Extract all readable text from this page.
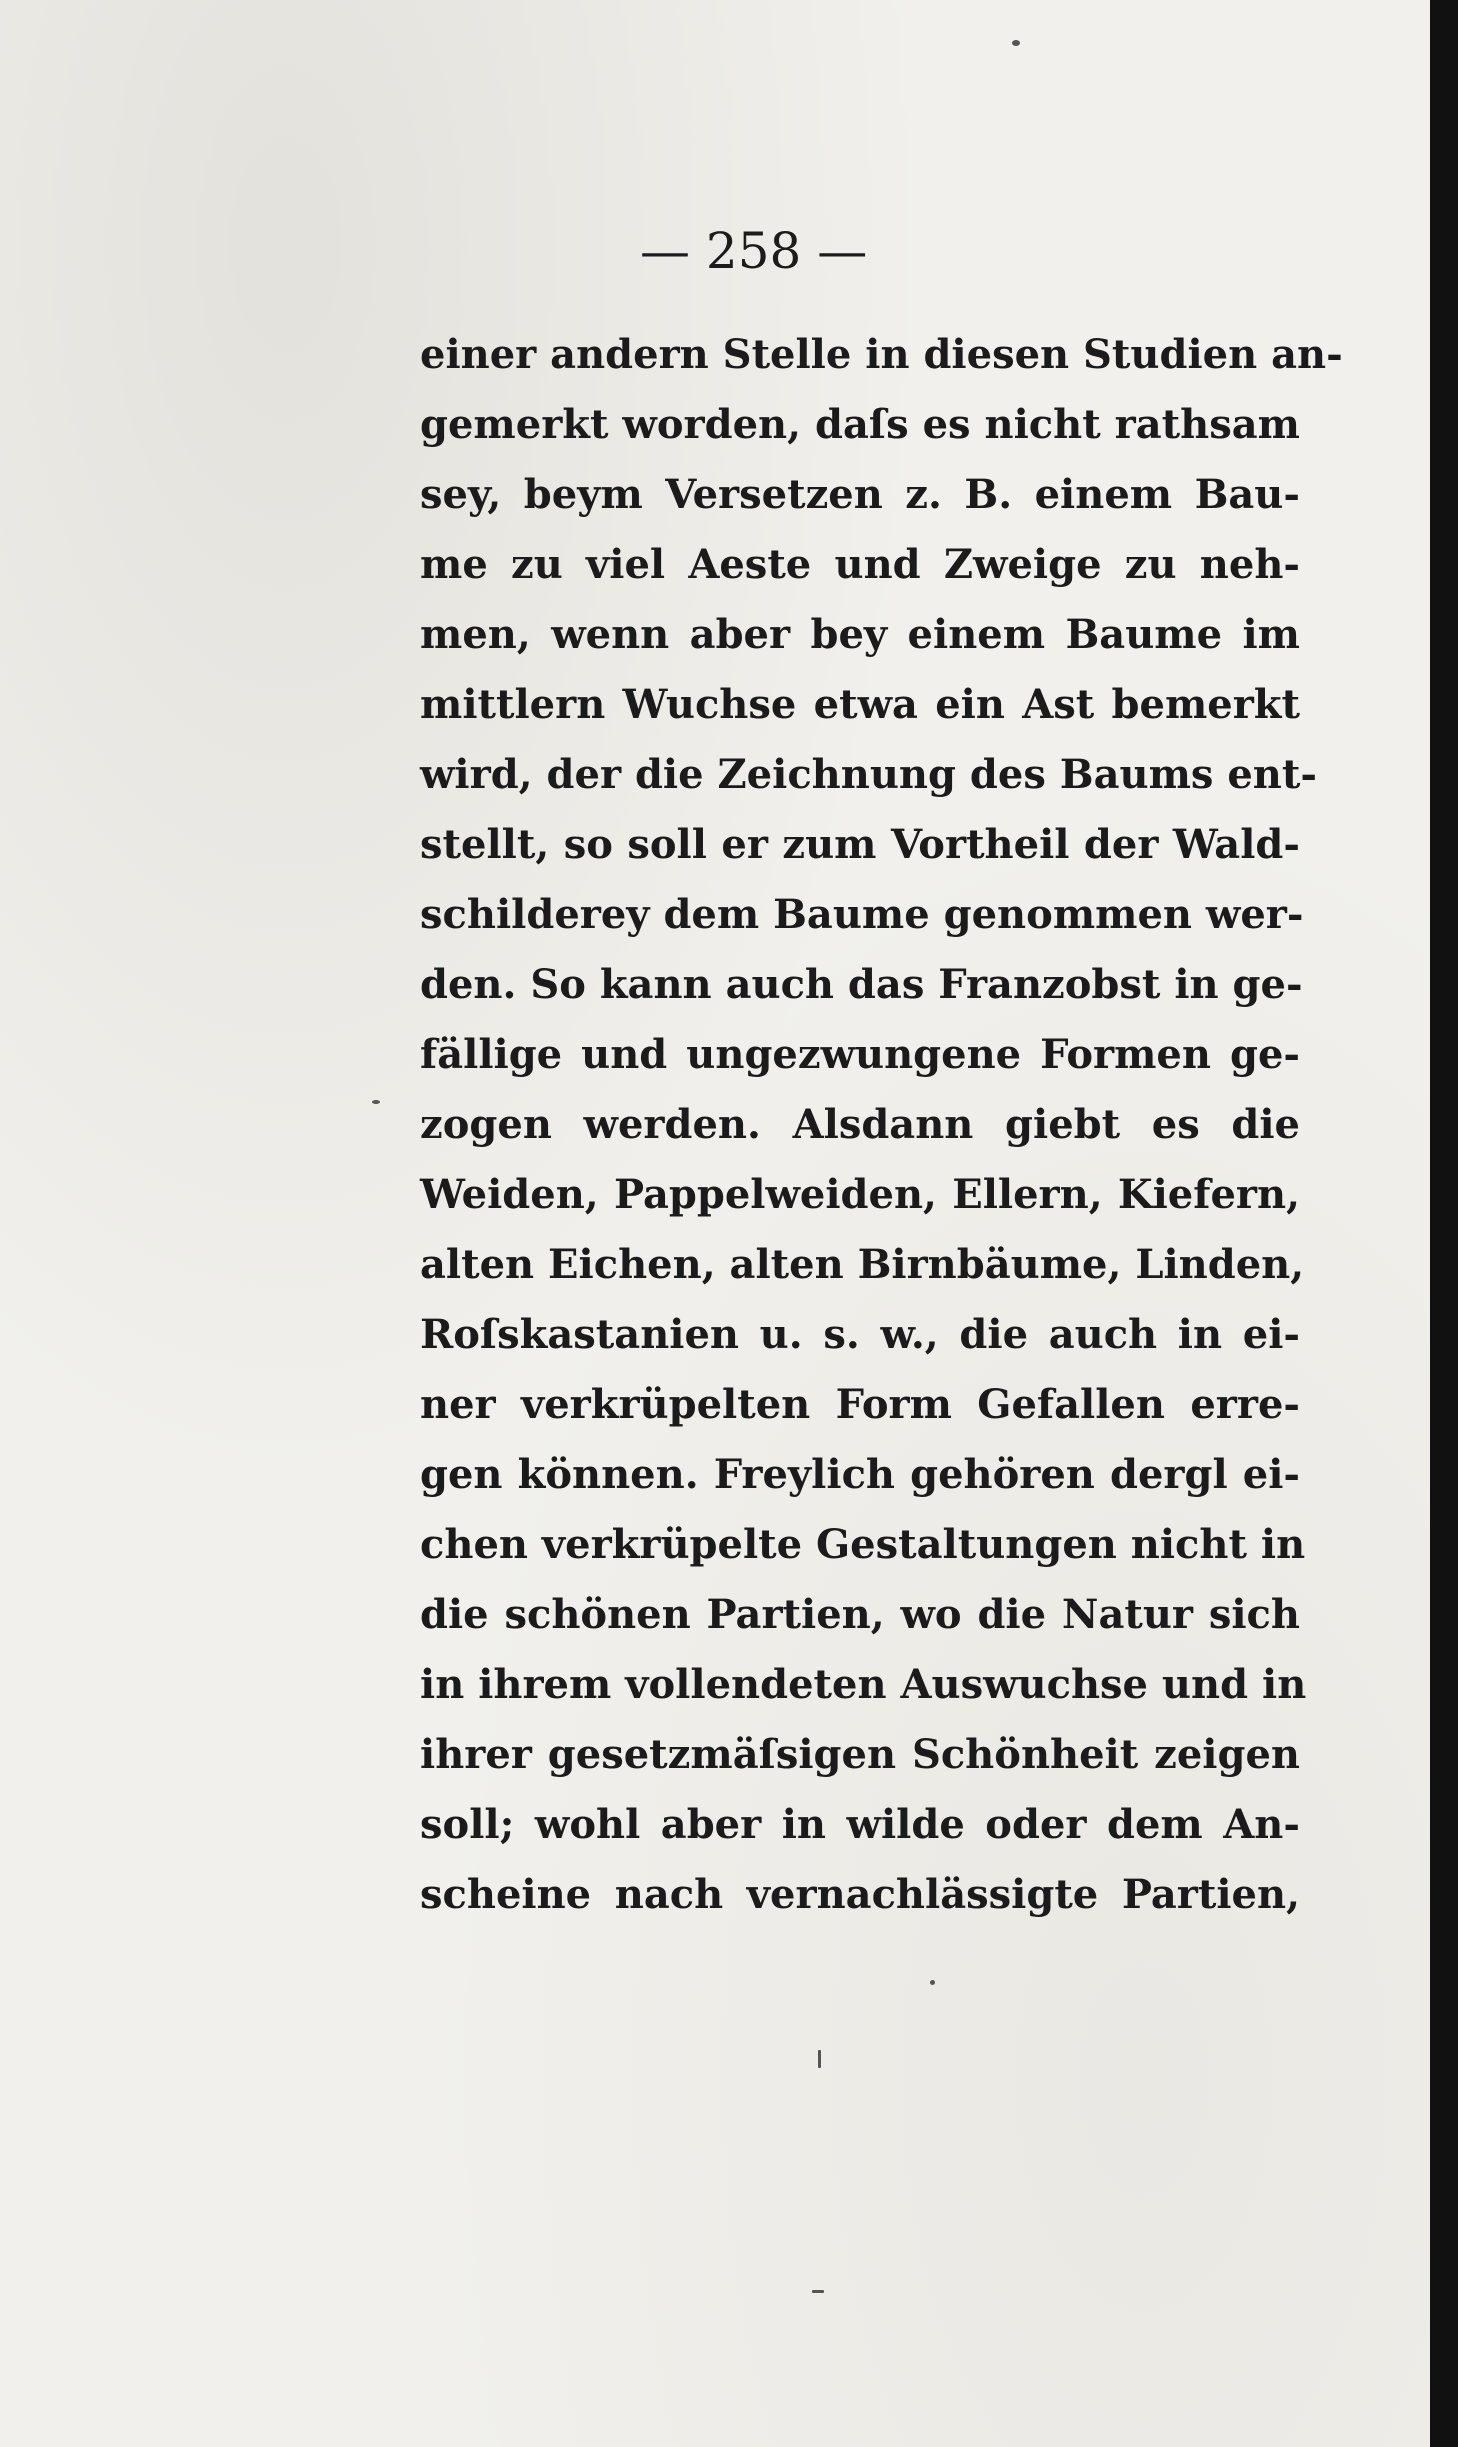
— 258 —
einer andern Stelle in diesen Studien an-
gemerkt worden, daſs es nicht rathsam
sey, beym Versetzen z. B. einem Bau-
me zu viel Aeste und Zweige zu neh-
men, wenn aber bey einem Baume im
mittlern Wuchse etwa ein Ast bemerkt
wird, der die Zeichnung des Baums ent-
stellt, so soll er zum Vortheil der Wald-
schilderey dem Baume genommen wer-
den. So kann auch das Franzobst in ge-
fällige und ungezwungene Formen ge-
zogen werden. Alsdann giebt es die
Weiden, Pappelweiden, Ellern, Kiefern,
alten Eichen, alten Birnbäume, Linden,
Roſskastanien u. s. w., die auch in ei-
ner verkrüpelten Form Gefallen erre-
gen können. Freylich gehören dergl ei-
chen verkrüpelte Gestaltungen nicht in
die schönen Partien, wo die Natur sich
in ihrem vollendeten Auswuchse und in
ihrer gesetzmäſsigen Schönheit zeigen
soll; wohl aber in wilde oder dem An-
scheine nach vernachlässigte Partien,
